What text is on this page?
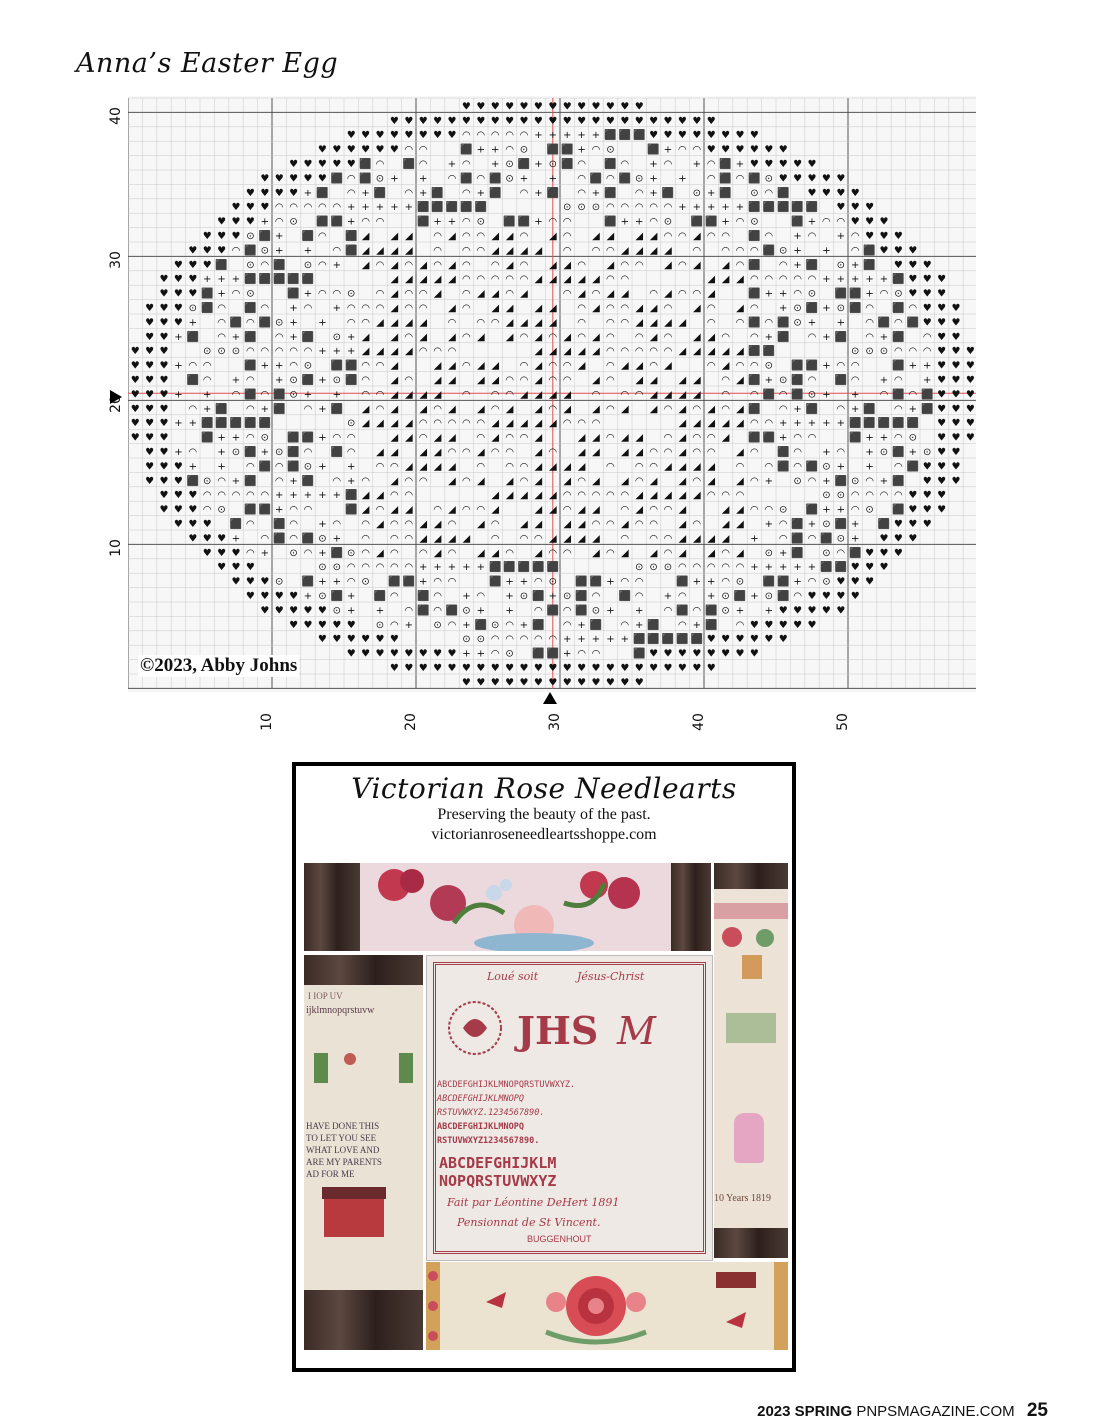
Anna’s Easter Egg
♥ ♥ ♥ ♥ ♥ ♥ ♥ ♥ ♥ ♥ ♥ ♥ ♥
♥ ♥ ♥ ♥ ♥ ♥ ♥ ♥ ♥ ♥ ♥ ♥ ♥ ♥ ♥ ♥ ♥ ♥ ♥ ♥ ♥ ♥ ♥
♥ ♥ ♥ ♥ ♥ ♥ ♥ ♥ ◠ ◠ ◠ ◠ ◠ + + + + + ⬛ ⬛ ⬛ ♥ ♥ ♥ ♥ ♥ ♥ ♥ ♥
♥ ♥ ♥ ♥ ♥ ♥ ◠ ◠	⬛ + + ◠ ⊙ ⬛ ⬛ + ◠ ⊙	⬛ + ◠ ◠ ♥ ♥ ♥ ♥ ♥ ♥
♥ ♥ ♥ ♥ ♥ ⬛ ◠ ⬛ ◠ + ◠ + ⊙ ⬛ + ⊙ ⬛ ◠ ⬛ ◠ + ◠ + ◠ ⬛ + ♥ ♥ ♥ ♥ ♥
♥ ♥ ♥ ♥ ♥ ⬛ ◠ ⬛ ⊙ + + ◠ ⬛ ◠ ⬛ ⊙ + + ◠ ⬛ ◠ ⬛ ⊙ + + ◠ ⬛ ◠ ⬛ ⊙ ♥ ♥ ♥ ♥ ♥
♥ ♥ ♥ ♥ + ⬛ ◠ + ⬛ ◠ + ⬛ ◠ + ⬛ ◠ + ⬛ ◠ + ⬛ ◠ + ⬛ ⊙ + ⬛ ⊙ ◠ ⬛ ♥ ♥ ♥ ♥
♥ ♥ ♥ ◠ ◠ ◠ ◠ ◠ + + + + + ⬛ ⬛ ⬛ ⬛ ⬛	⊙ ⊙ ⊙ ◠ ◠ ◠ ◠ ◠ + + + + + ⬛ ⬛ ⬛ ⬛ ⬛ ♥ ♥ ♥
♥ ♥ ♥ + ◠ ⊙ ⬛ ⬛ + ◠ ◠	⬛ + + ◠ ⊙ ⬛ ⬛ + ◠ ◠	⬛ + + ◠ ⊙ ⬛ ⬛ + ◠ ⊙	⬛ + ◠ ◠ ♥ ♥ ♥
♥ ♥ ♥ ⊙ ⬛ + ⬛ ◠ ⬛ ◢ ◢ ◢ ◠ ◢ ◠ ◠ ◢ ◢ ◠ ◢ ◠ ◢ ◢ ◢ ◢ ◠ ◠ ◢ ◠ ◠ ⬛ ◠ + ◠ + ◠ ♥ ♥ ♥
♥ ♥ ♥ ◠ ⬛ ⊙ + + ◠ ⬛ ◢ ◢ ◢ ◢ ◠ ◠ ◠ ◢ ◢ ◢ ◢ ◠ ◠ ◠ ◢ ◢ ◢ ◢ ◠ ◠ ◠ ◠ ⬛ ⊙ + + ◠ ⬛ ♥ ♥ ♥
♥ ♥ ♥ ⬛ ⊙ ◠ ⬛ ⊙ ◠ + ◢ ◠ ◢ ◠ ◢ ◠ ◢ ◠ ◠ ◢ ◠ ◢ ◢ ◠ ◢ ◠ ◠ ◢ ◠ ◢ ◢ ◠ ⬛ ◠ + ⬛ ⊙ + ⬛ ♥ ♥ ♥
♥ ♥ ♥ + + + ⬛ ⬛ ⬛ ⬛ ⬛	◢ ◢ ◢ ◢ ◢ ◠ ◠ ◠ ◠ ◠ ◢ ◢ ◢ ◢ ◢ ◠ ◠	◢ ◢ ◢ ◠ ◠ ◠ ◠ ◠ + + + + + ⬛ ♥ ♥ ♥
♥ ♥ ♥ ⬛ + ◠ ⊙	⬛ + ◠ ◠ ⊙ ◠ ◢ ◠ ◠ ◢ ◠ ◢ ◢ ◠ ◢	◠ ◢ ◠ ◢ ◢ ◠ ◢ ◠ ◠ ◢	⬛ + + ◠ ⊙ ⬛ ⬛ + ◠ ⊙ ♥ ♥ ♥
♥ ♥ ♥ ⊙ ⬛ ◠ ⬛ ◠ + ◠ + ◠ ◠ ◠ ◢ ◠ ◠ ◢ ◠ ◢ ◢ ◢ ◢ ◠ ◢ ◠ ◠ ◢ ◢ ◠ ◢ ◠ ◢ ◠ + ⊙ ⬛ + ⊙ ⬛ ◠ ⬛ ◠ ♥ ♥ ♥
♥ ♥ ♥ + ◠ ⬛ ◠ ⬛ ⊙ + + ◠ ◠ ◢ ◢ ◢ ◢ ◠ ◠ ◠ ◢ ◢ ◢ ◢ ◠ ◠ ◠ ◢ ◢ ◢ ◢ ◠ ◠ ⬛ ◠ ⬛ ⊙ + + ◠ ⬛ ◠ ⬛ ♥ ♥ ♥
♥ ♥ + ⬛ ◠ + ⬛ ◠ + ⬛ ⊙ + ◢ ◢ ◠ ◢ ◢ ◠ ◢ ◢ ◠ ◢ ◠ ◢ ◠ ◢ ◠ ◠ ◢ ◠ ◢ ◢ ◠ ◠ + ⬛ ◠ + ⬛ ◠ + ⬛ ◠ ♥ ♥
♥ ♥ ♥	⊙ ⊙ ⊙ ◠ ◠ ◠ ◠ ◠ + + + ◢ ◢ ◢ ◢ ◠ ◠ ◠	◢ ◢ ◢ ◢ ◢ ◠ ◠ ◠ ◠ ◠ ◢ ◢ ◢ ◢ ◢ ⬛ ⬛	⊙ ⊙ ⊙ ◠ ◠ ◠ ♥ ♥ ♥
♥ ♥ ♥ + ◠ ◠	⬛ + + ◠ ⊙ ⬛ ⬛ ◠ ◠ ◢	◢ ◢ ◠ ◢ ◢ ◠ ◢ ◠ ◠ ◢ ◠ ◢ ◢ ◠ ◢	◠ ◢ ◠ ◠ ⊙ ⬛ ⬛ + ◠ ◠	⬛ + + ♥ ♥ ♥
♥ ♥ ♥ ⬛ ◠ + ◠ + ⊙ ⬛ + ⊙ ⬛ ◠ ◢ ◠ ◢ ◢ ◢ ◢ ◠ ◠ ◢ ◠ ◠ ◢ ◠ ◢ ◢ ◢ ◢ ◠ ◢ ⬛ + ⊙ ⬛ ◠ ⬛ ◠ + ◠ + ♥ ♥ ♥
♥ ♥ ♥ + + ◠ ⬛ ◠ ⬛ ⊙ + + ◠ ◠ ◢ ◢ ◢ ◢ ◠ ◠ ◠ ◢ ◢ ◢ ◢ ◠ ◠ ◠ ◢ ◢ ◢ ◢ ◠ ◠ ⬛ ◠ ⬛ ⊙ + + ◠ ⬛ ◠ ⬛ ♥ ♥ ♥
♥ ♥ ♥ ◠ + ⬛ ◠ + ⬛ ◠ + ⬛ ◢ ◠ ◢ ◢ ◠ ◢ ◢ ◠ ◢ ◢ ◠ ◢ ◢ ◠ ◢ ◢ ◠ ◢ ◠ ◢ ◠ ◢ ⬛ ◠ + ⬛ ◠ + ⬛ ◠ + ⬛ ♥ ♥ ♥
♥ ♥ ♥ + + ⬛ ⬛ ⬛ ⬛ ⬛	⊙ ◢ ◢ ◢ ◢ ◠ ◠ ◠ ◠ ◠ ◢ ◢ ◢ ◢ ◢ ◠ ◠ ◠	◢ ◢ ◢ ◢ ◢ ◠ ◠ + + + + + ⬛ ⬛ ⬛ ⬛ ⬛ ♥ ♥ ♥
♥ ♥ ♥	⬛ + + ◠ ⊙ ⬛ ⬛ + ◠ ◠	◢ ◢ ◠ ◢ ◢ ◠ ◢ ◠ ◠ ◢	◢ ◢ ◠ ◢ ◢ ◠ ◢ ◠ ◠ ◢ ⬛ ⬛ + ◠ ◠	⬛ + + ◠ ⊙ ♥ ♥ ♥
♥ ♥ + ◠ + ⊙ ⬛ + ⊙ ⬛ ◠ ⬛ ◠ ◢ ◢ ◢ ◢ ◠ ◠ ◢ ◠ ◠ ◢ ◠ ◢ ◢ ◢ ◢ ◠ ◠ ◢ ◠ ◠ ◢ ◠ ⬛ ◠ + ◠ + ⊙ ⬛ + ⊙ ♥ ♥
♥ ♥ ♥ + + ◠ ⬛ ◠ ⬛ ⊙ + + ◠ ◠ ◢ ◢ ◢ ◢ ◠ ◠ ◠ ◢ ◢ ◢ ◢ ◠ ◠ ◠ ◢ ◢ ◢ ◢ ◠ ◠ ⬛ ◠ ⬛ ⊙ + + ◠ ⬛ ♥ ♥ ♥
♥ ♥ ♥ ⬛ ⊙ ◠ + ⬛ ◠ + ⬛ ◠ + ◠ ◢ ◠ ◠ ◢ ◠ ◢ ◢ ◠ ◢ ◢ ◠ ◢ ◢ ◠ ◢ ◢ ◠ ◢ ◢ ◠ + ⊙ ◠ + ⬛ ⊙ ◠ + ⬛ ♥ ♥ ♥
♥ ♥ ♥ ◠ ◠ ◠ ◠ ◠ + + + + + ⬛ ◢ ◢ ◠ ◠	◢ ◢ ◢ ◢ ◢ ◠ ◠ ◠ ◠ ◠ ◢ ◢ ◢ ◢ ◢ ◠ ◠ ◠	⊙ ⊙ ◠ ◠ ◠ ◠ ♥ ♥ ♥
♥ ♥ ♥ ◠ ⊙ ⬛ ⬛ + ◠ ◠	⬛ ◢ ◠ ◢ ◢ ◠ ◢ ◠ ◠ ◢	◢ ◢ ◠ ◢ ◢ ◠ ◢ ◠ ◠ ◢	◢ ◢ ◠ ◠ ⊙ ⬛ + + ◠ ⊙ ⬛ ♥ ♥ ♥
♥ ♥ ♥ ⬛ ◠ ⬛ ◠ + ◠ ◠ ◢ ◠ ◠ ◢ ◢ ◠ ◢ ◠ ◢ ◢ ◢ ◢ ◠ ◠ ◢ ◠ ◠ ◢ ◠ ◢ ◢ + ◠ ⬛ + ⊙ ⬛ + ⬛ ♥ ♥ ♥
♥ ♥ ♥ + ◠ ⬛ ◠ ⬛ ⊙ + ◠ ◠ ◠ ◢ ◢ ◢ ◢ ◠ ◠ ◠ ◢ ◢ ◢ ◢ ◠ ◠ ◠ ◢ ◢ ◢ ◢ + ◠ ⬛ ◠ ⬛ ⊙ + ♥ ♥ ♥
♥ ♥ ♥ ◠ + ⊙ ◠ + ⬛ ⊙ ◠ ◢ ◠ ◠ ◢ ◠ ◢ ◢ ◠ ◢ ◠ ◠ ◢ ◠ ◢ ◢ ◠ ◢ ◢ ◠ ◢ ⊙ + ⬛ ⊙ ◠ ⬛ ♥ ♥ ♥
♥ ♥ ♥	⊙ ⊙ ◠ ◠ ◠ ◠ ◠ + + + + + ⬛ ⬛ ⬛ ⬛ ⬛	⊙ ⊙ ⊙ ◠ ◠ ◠ ◠ ◠ + + + + + ⬛ ⬛ ♥ ♥ ♥
♥ ♥ ♥ ⊙ ⬛ + + ◠ ⊙ ⬛ ⬛ + ◠ ◠	⬛ + + ◠ ⊙ ⬛ ⬛ + ◠ ◠	⬛ + + ◠ ⊙ ⬛ ⬛ + ◠ ⊙ ♥ ♥ ♥
♥ ♥ ♥ ♥ + ⊙ ⬛ + ⬛ ◠ ⬛ ◠ + ◠ + ⊙ ⬛ + ⊙ ⬛ ◠ ⬛ ◠ + ◠ + ⊙ ⬛ + ⊙ ⬛ ◠ ♥ ♥ ♥ ♥
♥ ♥ ♥ ♥ ♥ ⊙ + + ◠ ⬛ ◠ ⬛ ⊙ + + ◠ ⬛ ◠ ⬛ ⊙ + + ◠ ⬛ ◠ ⬛ ⊙ + + ♥ ♥ ♥ ♥ ♥
♥ ♥ ♥ ♥ ♥ ⊙ ◠ + ⊙ ◠ + ⬛ ⊙ ◠ + ⬛ ◠ + ⬛ ◠ + ⬛ ◠ + ⬛ ◠ ♥ ♥ ♥ ♥ ♥
♥ ♥ ♥ ♥ ♥ ♥	⊙ ⊙ ◠ ◠ ◠ ◠ ◠ + + + + + ⬛ ⬛ ⬛ ⬛ ⬛ ♥ ♥ ♥ ♥ ♥ ♥
♥ ♥ ♥ ♥ ♥ ♥ ♥ ♥ + + ◠ ⊙ ⬛ ⬛ + ◠ ◠	⬛ ♥ ♥ ♥ ♥ ♥ ♥ ♥ ♥
♥ ♥ ♥ ♥ ♥ ♥ ♥ ♥ ♥ ♥ ♥ ♥ ♥ ♥ ♥ ♥ ♥ ♥ ♥ ♥ ♥ ♥ ♥
♥ ♥ ♥ ♥ ♥ ♥ ♥ ♥ ♥ ♥ ♥ ♥ ♥
40
30
20
10
10	20	30	40	50
©2023, Abby Johns
Victorian Rose Needlearts
Preserving the beauty of the past.
victorianroseneedleartsshoppe.com
10 Years 1819
I IOP UV
ijklmnopqrstuvw
HAVE DONE THIS
TO LET YOU SEE
WHAT LOVE AND
ARE MY PARENTS
AD FOR ME
Loué soit	Jésus-Christ
JHS M
ABCDEFGHIJKLMNOPQRSTUVWXYZ.
ABCDEFGHIJKLMNOPQ
RSTUVWXYZ.1234567890.
ABCDEFGHIJKLMNOPQ
RSTUVWXYZ1234567890.
ABCDEFGHIJKLM
NOPQRSTUVWXYZ
Fait par Léontine DeHert 1891
Pensionnat de St Vincent.
BUGGENHOUT
2023 SPRING PNPSMAGAZINE.COM 25
